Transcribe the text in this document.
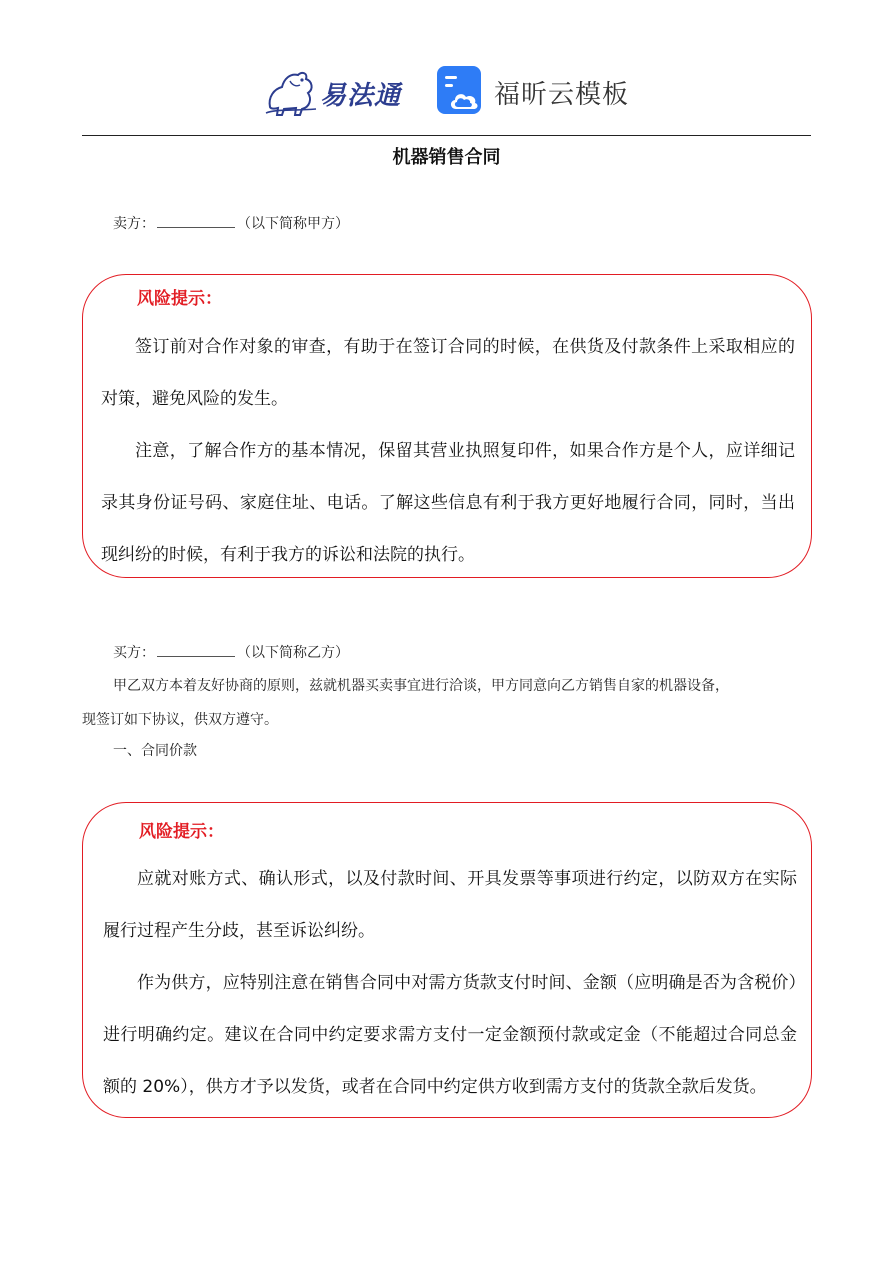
易法通	福昕云模板
机器销售合同
卖方：	（以下简称甲方）
风险提示：
签订前对合作对象的审查，有助于在签订合同的时候，在供货及付款条件上采取相应的对策，避免风险的发生。
注意，了解合作方的基本情况，保留其营业执照复印件，如果合作方是个人，应详细记录其身份证号码、家庭住址、电话。了解这些信息有利于我方更好地履行合同，同时，当出现纠纷的时候，有利于我方的诉讼和法院的执行。
买方：	（以下简称乙方）
甲乙双方本着友好协商的原则，兹就机器买卖事宜进行洽谈，甲方同意向乙方销售自家的机器设备，
现签订如下协议，供双方遵守。
一、合同价款
风险提示：
应就对账方式、确认形式，以及付款时间、开具发票等事项进行约定，以防双方在实际履行过程产生分歧，甚至诉讼纠纷。
作为供方，应特别注意在销售合同中对需方货款支付时间、金额（应明确是否为含税价）进行明确约定。建议在合同中约定要求需方支付一定金额预付款或定金（不能超过合同总金额的 20%），供方才予以发货，或者在合同中约定供方收到需方支付的货款全款后发货。
